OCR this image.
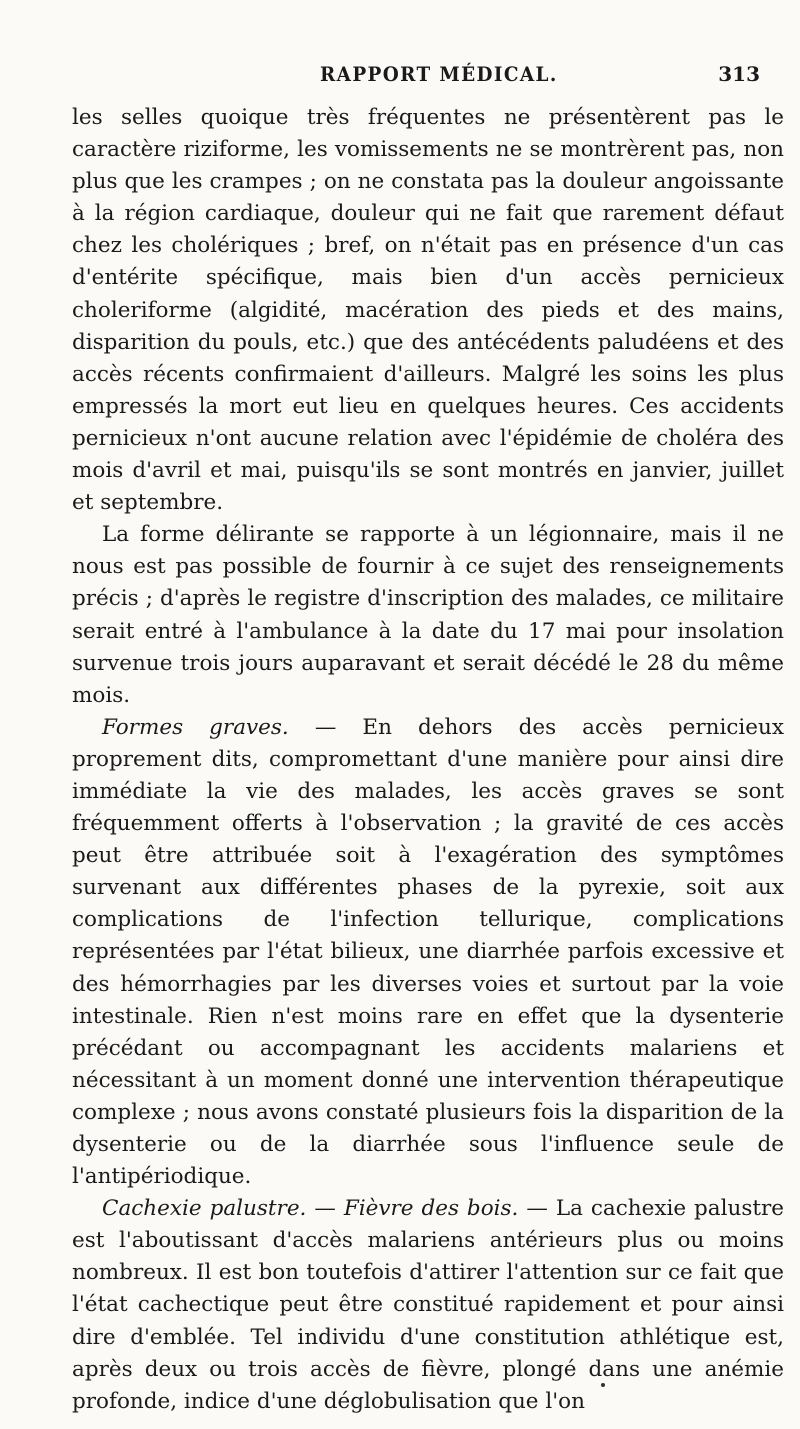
RAPPORT MÉDICAL.	313

les selles quoique très fréquentes ne présentèrent pas le caractère riziforme, les vomissements ne se montrèrent pas, non plus que les crampes ; on ne constata pas la douleur angoissante à la région cardiaque, douleur qui ne fait que rarement défaut chez les cholériques ; bref, on n'était pas en présence d'un cas d'entérite spécifique, mais bien d'un accès pernicieux choleriforme (algidité, macération des pieds et des mains, disparition du pouls, etc.) que des antécédents paludéens et des accès récents confirmaient d'ailleurs. Malgré les soins les plus empressés la mort eut lieu en quelques heures. Ces accidents pernicieux n'ont aucune relation avec l'épidémie de choléra des mois d'avril et mai, puisqu'ils se sont montrés en janvier, juillet et septembre.

La forme délirante se rapporte à un légionnaire, mais il ne nous est pas possible de fournir à ce sujet des renseignements précis ; d'après le registre d'inscription des malades, ce militaire serait entré à l'ambulance à la date du 17 mai pour insolation survenue trois jours auparavant et serait décédé le 28 du même mois.

Formes graves. — En dehors des accès pernicieux proprement dits, compromettant d'une manière pour ainsi dire immédiate la vie des malades, les accès graves se sont fréquemment offerts à l'observation ; la gravité de ces accès peut être attribuée soit à l'exagération des symptômes survenant aux différentes phases de la pyrexie, soit aux complications de l'infection tellurique, complications représentées par l'état bilieux, une diarrhée parfois excessive et des hémorrhagies par les diverses voies et surtout par la voie intestinale. Rien n'est moins rare en effet que la dysenterie précédant ou accompagnant les accidents malariens et nécessitant à un moment donné une intervention thérapeutique complexe ; nous avons constaté plusieurs fois la disparition de la dysenterie ou de la diarrhée sous l'influence seule de l'antipériodique.

Cachexie palustre. — Fièvre des bois. — La cachexie palustre est l'aboutissant d'accès malariens antérieurs plus ou moins nombreux. Il est bon toutefois d'attirer l'attention sur ce fait que l'état cachectique peut être constitué rapidement et pour ainsi dire d'emblée. Tel individu d'une constitution athlétique est, après deux ou trois accès de fièvre, plongé dans une anémie profonde, indice d'une déglobulisation que l'on
